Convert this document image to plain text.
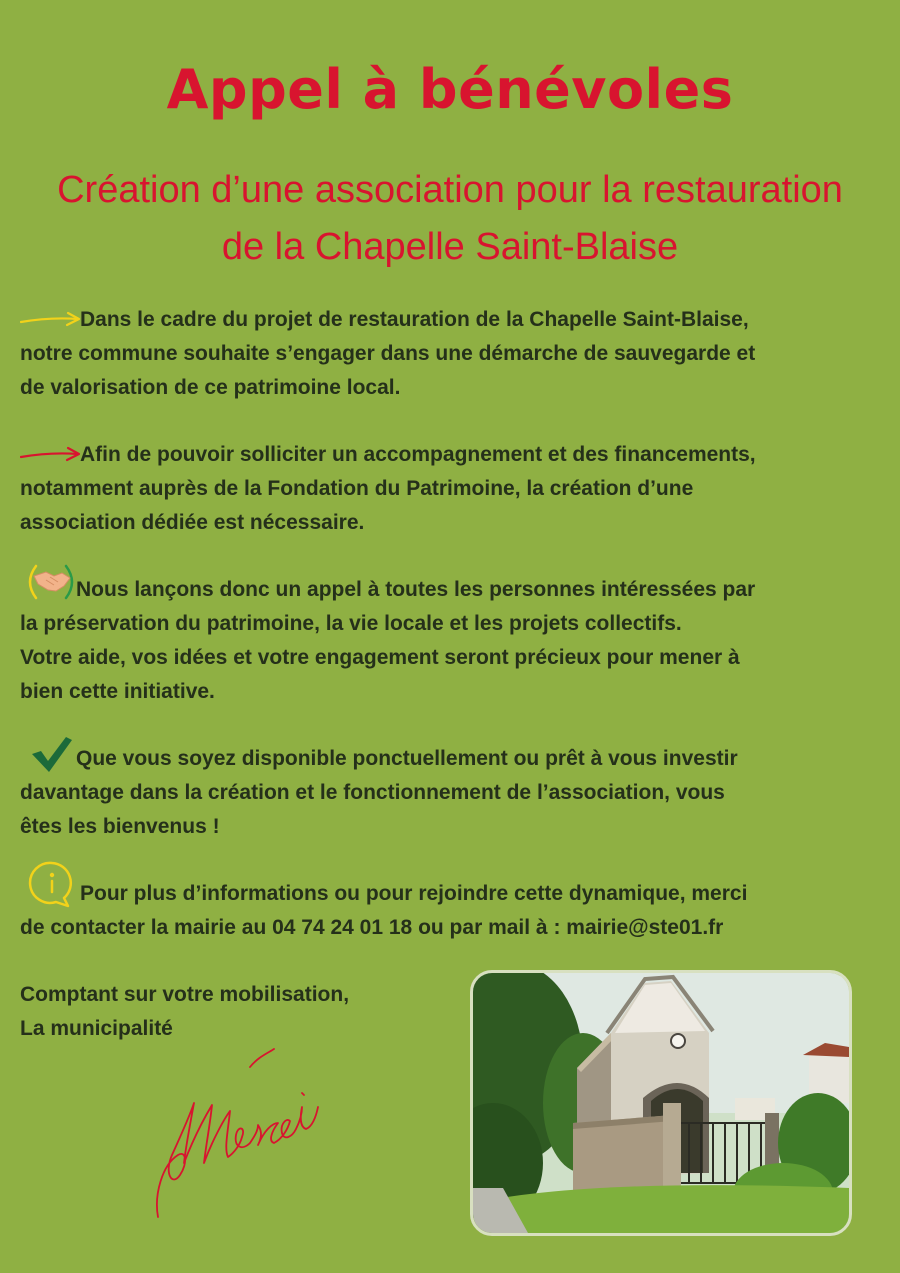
Appel à bénévoles
Création d’une association pour la restauration
de la Chapelle Saint-Blaise
Dans le cadre du projet de restauration de la Chapelle Saint-Blaise,
notre commune souhaite s’engager dans une démarche de sauvegarde et
de valorisation de ce patrimoine local.
Afin de pouvoir solliciter un accompagnement et des financements,
notamment auprès de la Fondation du Patrimoine, la création d’une
association dédiée est nécessaire.
Nous lançons donc un appel à toutes les personnes intéressées par
la préservation du patrimoine, la vie locale et les projets collectifs.
Votre aide, vos idées et votre engagement seront précieux pour mener à
bien cette initiative.
Que vous soyez disponible ponctuellement ou prêt à vous investir
davantage dans la création et le fonctionnement de l’association, vous
êtes les bienvenus !
Pour plus d’informations ou pour rejoindre cette dynamique, merci
de contacter la mairie au 04 74 24 01 18 ou par mail à : mairie@ste01.fr
Comptant sur votre mobilisation,
La municipalité
